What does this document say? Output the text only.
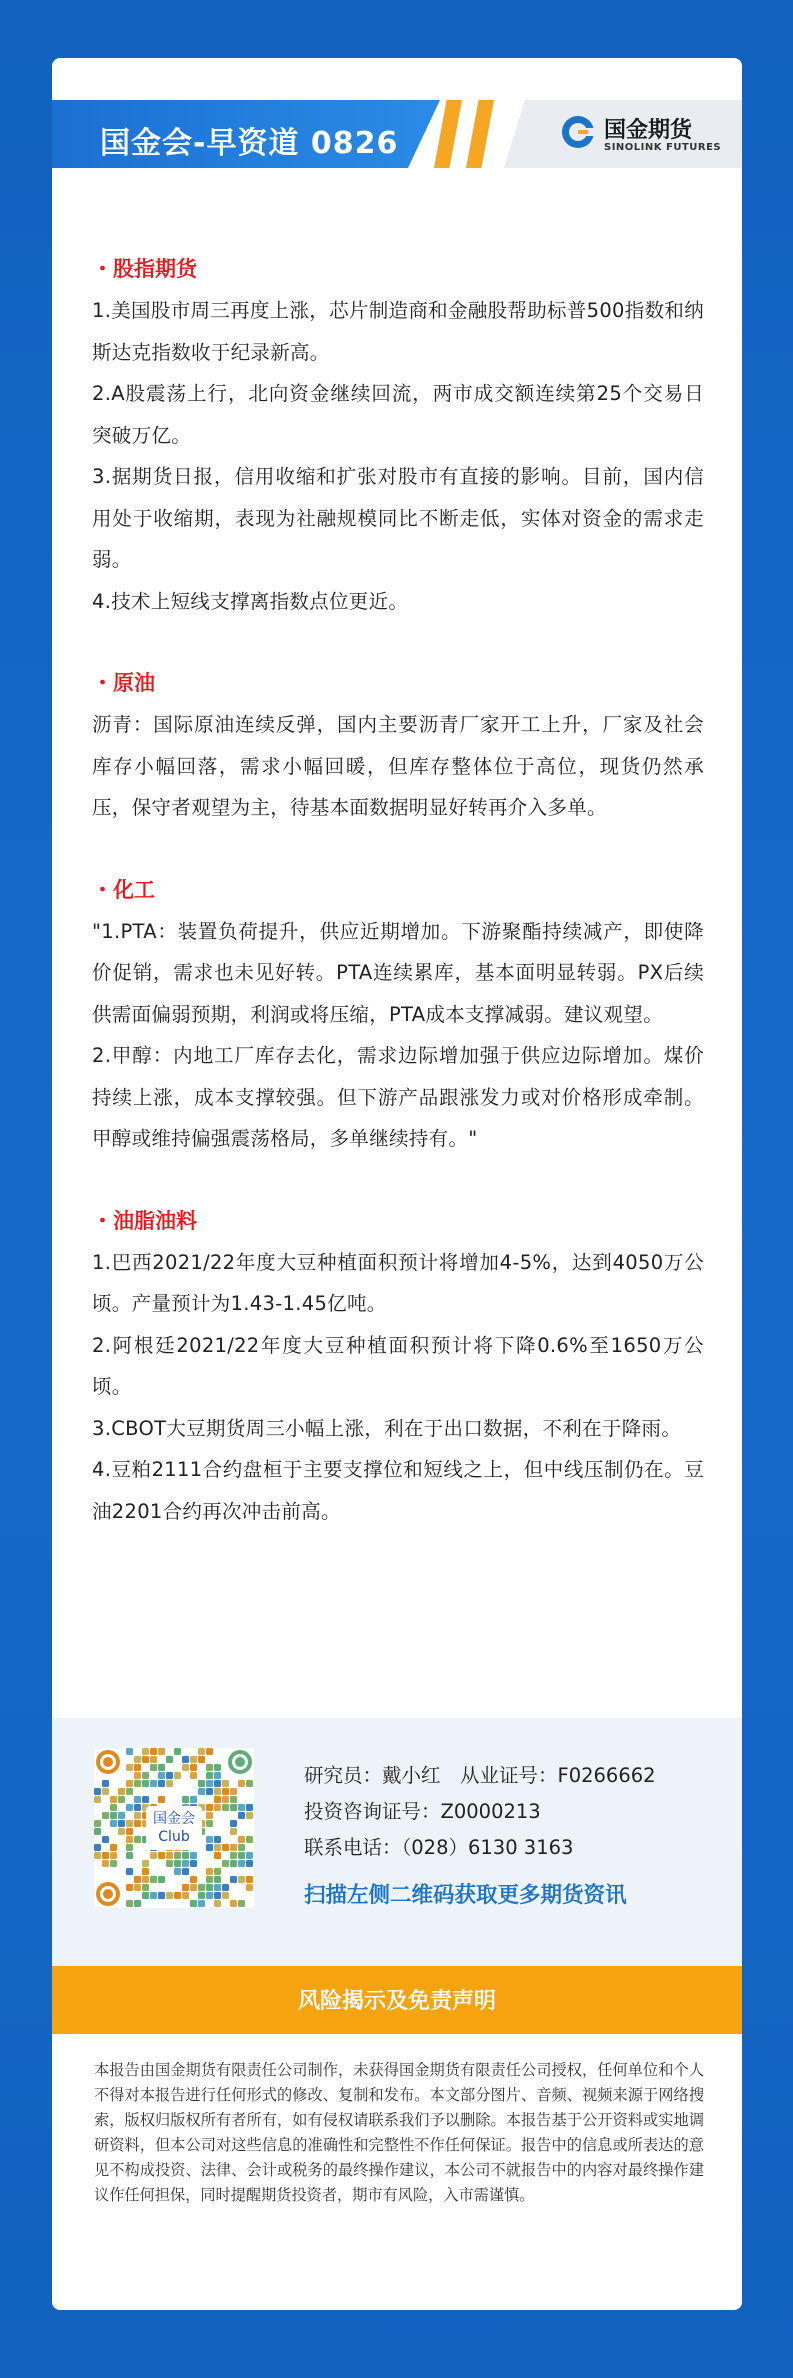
国金会-早资道 0826	国金期货
SINOLINK FUTURES
・股指期货
1.美国股市周三再度上涨，芯片制造商和金融股帮助标普500指数和纳斯达克指数收于纪录新高。
2.A股震荡上行，北向资金继续回流，两市成交额连续第25个交易日突破万亿。
3.据期货日报，信用收缩和扩张对股市有直接的影响。目前，国内信用处于收缩期，表现为社融规模同比不断走低，实体对资金的需求走弱。
4.技术上短线支撑离指数点位更近。
・原油
沥青：国际原油连续反弹，国内主要沥青厂家开工上升，厂家及社会库存小幅回落，需求小幅回暖，但库存整体位于高位，现货仍然承压，保守者观望为主，待基本面数据明显好转再介入多单。
・化工
"1.PTA：装置负荷提升，供应近期增加。下游聚酯持续减产，即使降价促销，需求也未见好转。PTA连续累库，基本面明显转弱。PX后续供需面偏弱预期，利润或将压缩，PTA成本支撑减弱。建议观望。
2.甲醇：内地工厂库存去化，需求边际增加强于供应边际增加。煤价持续上涨，成本支撑较强。但下游产品跟涨发力或对价格形成牵制。甲醇或维持偏强震荡格局，多单继续持有。"
・油脂油料
1.巴西2021/22年度大豆种植面积预计将增加4-5%，达到4050万公顷。产量预计为1.43-1.45亿吨。
2.阿根廷2021/22年度大豆种植面积预计将下降0.6%至1650万公顷。
3.CBOT大豆期货周三小幅上涨，利在于出口数据，不利在于降雨。
4.豆粕2111合约盘桓于主要支撑位和短线之上，但中线压制仍在。豆油2201合约再次冲击前高。
国金会
Club
研究员：戴小红　从业证号：F0266662
投资咨询证号：Z0000213
联系电话：（028）6130 3163
扫描左侧二维码获取更多期货资讯
风险揭示及免责声明
本报告由国金期货有限责任公司制作，未获得国金期货有限责任公司授权，任何单位和个人不得对本报告进行任何形式的修改、复制和发布。本文部分图片、音频、视频来源于网络搜索，版权归版权所有者所有，如有侵权请联系我们予以删除。本报告基于公开资料或实地调研资料，但本公司对这些信息的准确性和完整性不作任何保证。报告中的信息或所表达的意见不构成投资、法律、会计或税务的最终操作建议，本公司不就报告中的内容对最终操作建议作任何担保，同时提醒期货投资者，期市有风险，入市需谨慎。
